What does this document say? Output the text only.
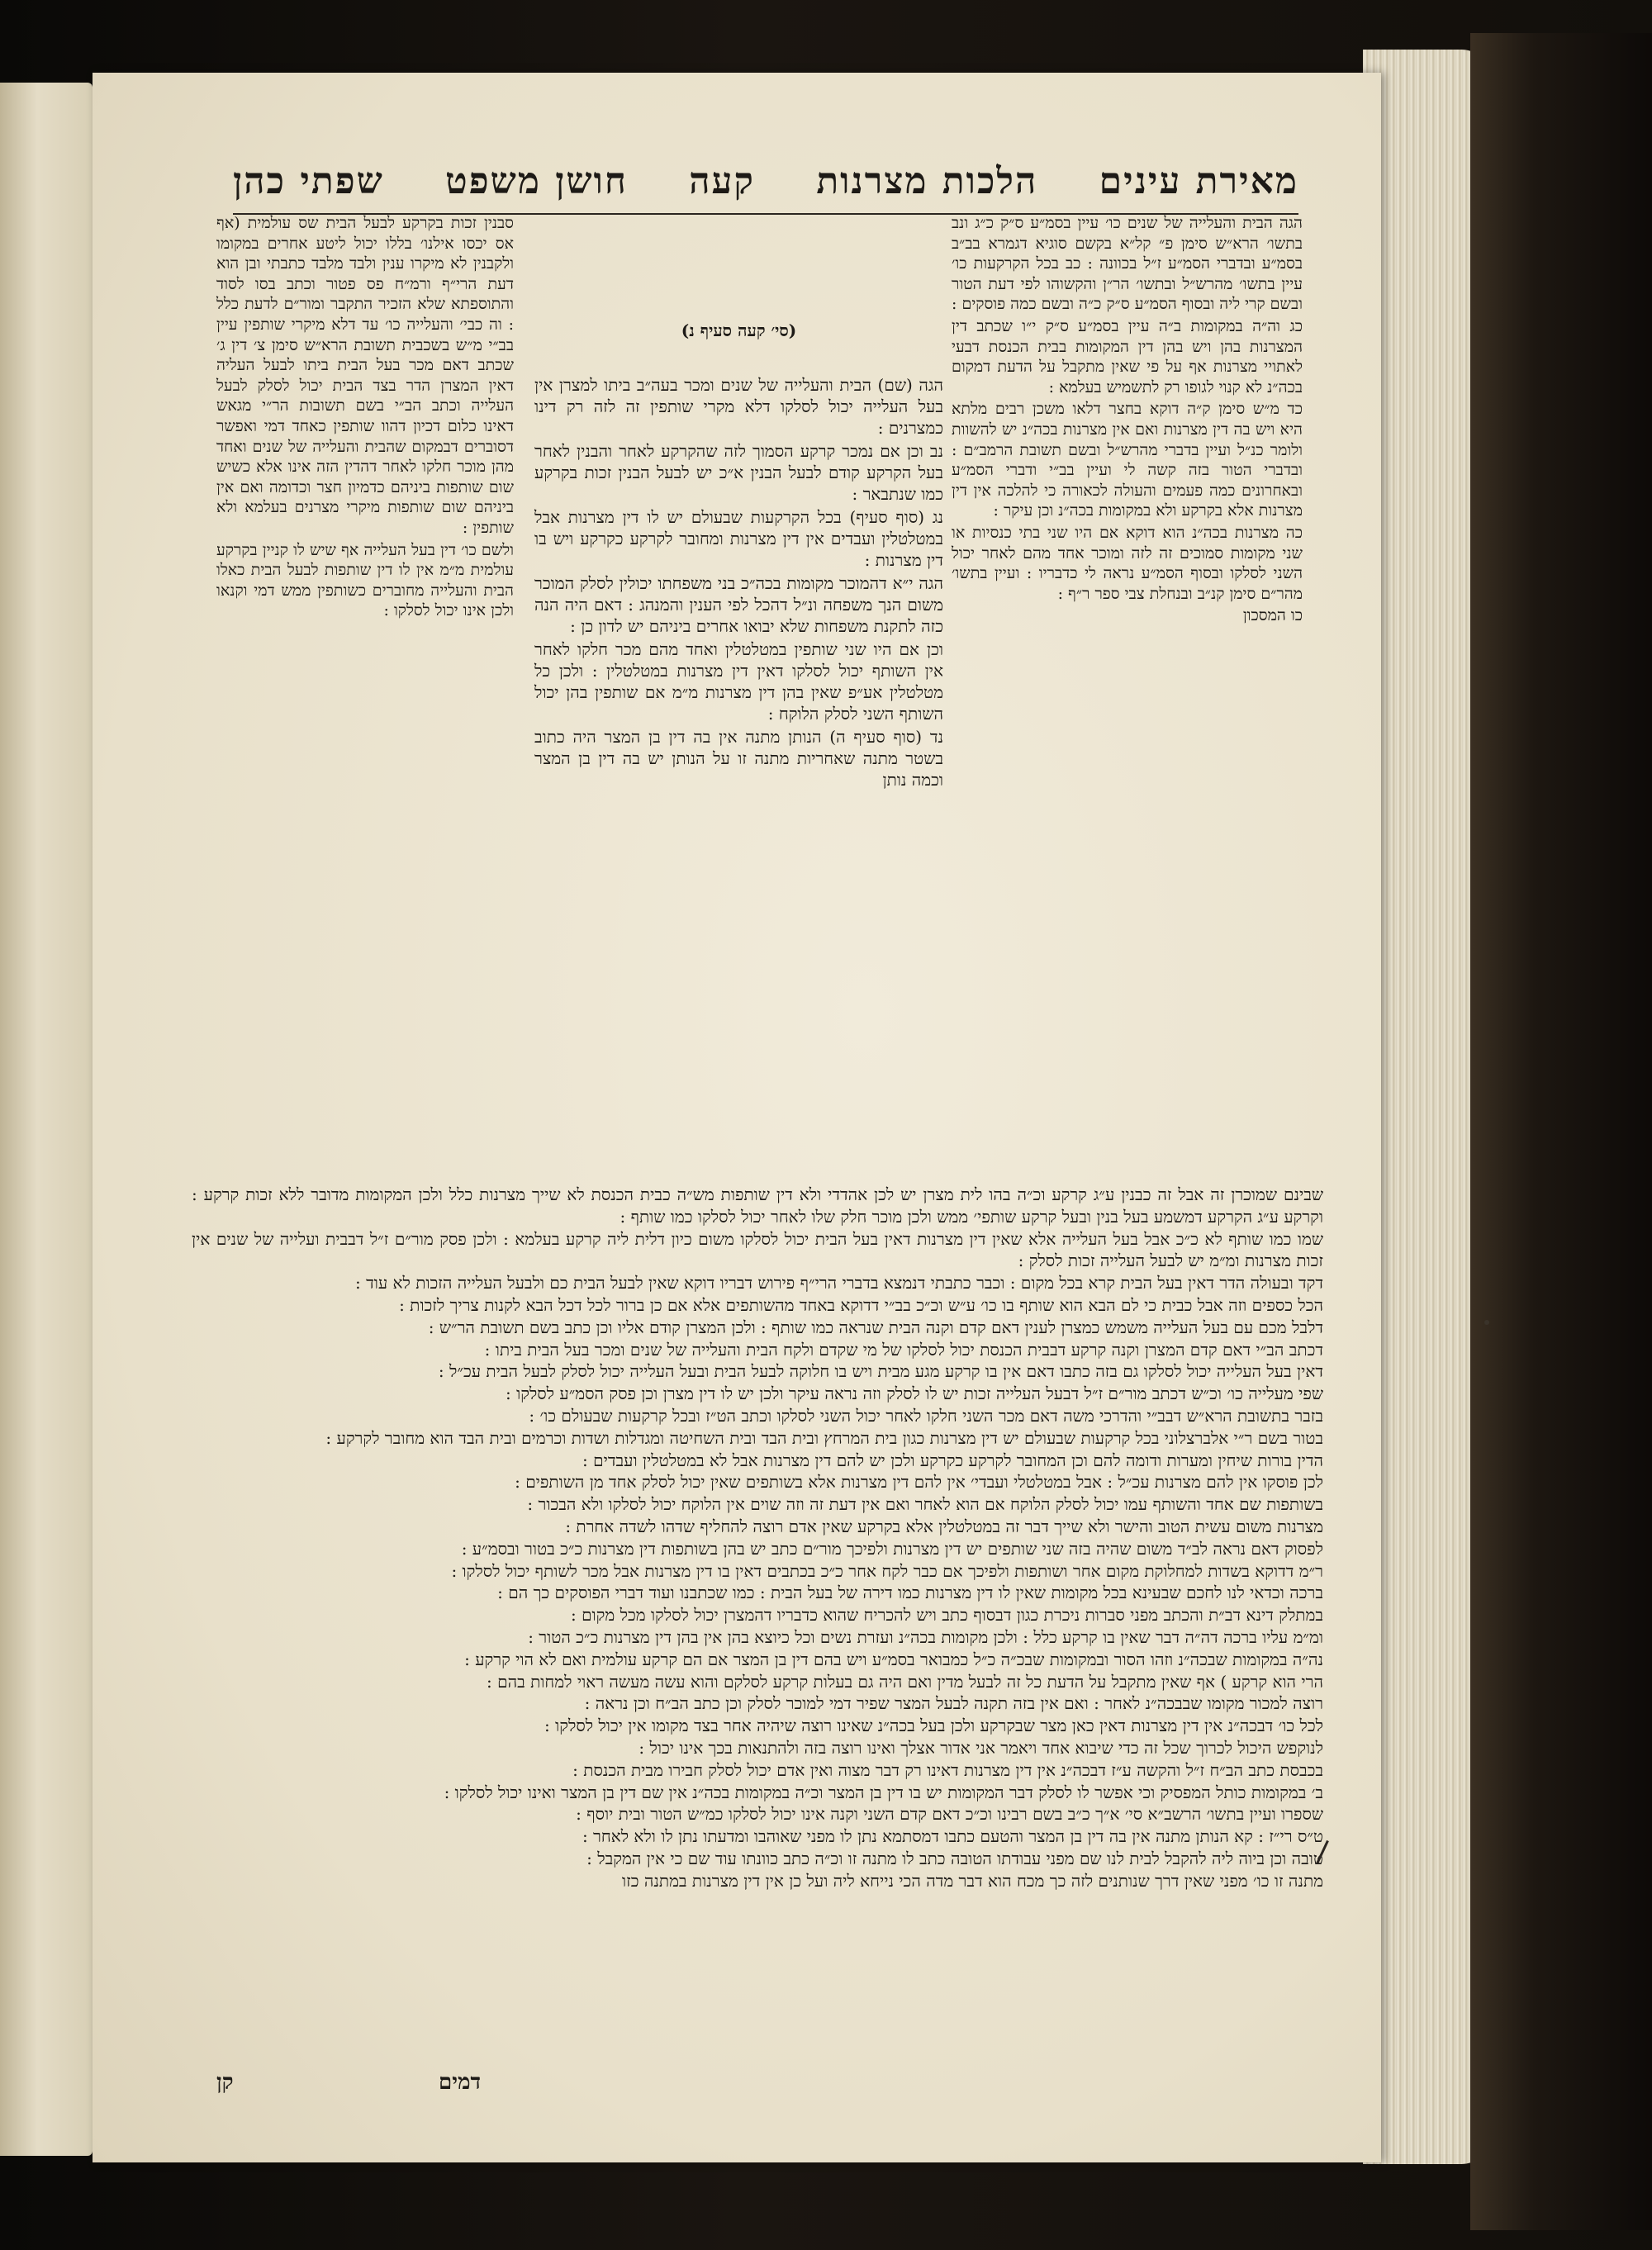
שפתי כהן חושן משפט קעה הלכות מצרנות מאירת עינים

הגה הבית והעלייה של שנים כו׳ עיין בסמ״ע ס״ק כ״ג ונב בתשו׳ הרא״ש סימן פ״ קל״א בקשם סוגיא דגמרא בב״ב בסמ״ע ובדברי הסמ״ע ז״ל בכוונה : כב בכל הקרקעות כו׳ עיין בתשו׳ מהרש״ל ובתשו׳ הר״ן והקשוהו לפי דעת הטור ובשם קרי ליה ובסוף הסמ״ע ס״ק כ״ה ובשם כמה פוסקים :

כג וה״ה במקומות ב״ה עיין בסמ״ע ס״ק י״ו שכתב דין המצרנות בהן ויש בהן דין המקומות בבית הכנסת דבעי לאתויי מצרנות אף על פי שאין מתקבל על הדעת דמקום בכה״נ לא קנוי לגופו רק לתשמיש בעלמא :

כד מ״ש סימן ק״ה דוקא בחצר דלאו משכן רבים מלתא היא ויש בה דין מצרנות ואם אין מצרנות בכה״נ יש להשוות ולומר כנ״ל ועיין בדברי מהרש״ל ובשם תשובת הרמב״ם : ובדברי הטור בזה קשה לי ועיין בב״י ודברי הסמ״ע ובאחרונים כמה פעמים והעולה לכאורה כי להלכה אין דין מצרנות אלא בקרקע ולא במקומות בכה״נ וכן עיקר :

כה מצרנות בכה״נ הוא דוקא אם היו שני בתי כנסיות או שני מקומות סמוכים זה לזה ומוכר אחד מהם לאחר יכול השני לסלקו ובסוף הסמ״ע נראה לי כדבריו : ועיין בתשו׳ מהר״ם סימן קנ״ב ובנחלת צבי ספר ר״ף :

כו המסכון

(סי׳ קעה סעיף נ)

הגה (שם) הבית והעלייה של שנים ומכר בעה״ב ביתו למצרן אין בעל העלייה יכול לסלקו דלא מקרי שותפין זה לזה רק דינו כמצרנים :

נב וכן אם נמכר קרקע הסמוך לזה שהקרקע לאחר והבנין לאחר בעל הקרקע קודם לבעל הבנין א״כ יש לבעל הבנין זכות בקרקע כמו שנתבאר :

נג (סוף סעיף) בכל הקרקעות שבעולם יש לו דין מצרנות אבל במטלטלין ועבדים אין דין מצרנות ומחובר לקרקע כקרקע ויש בו דין מצרנות :

הגה י״א דהמוכר מקומות בכה״כ בני משפחתו יכולין לסלק המוכר משום הנך משפחה ונ״ל דהכל לפי הענין והמנהג : דאם היה הנה כזה לתקנת משפחות שלא יבואו אחרים ביניהם יש לדון כן :

וכן אם היו שני שותפין במטלטלין ואחד מהם מכר חלקו לאחר אין השותף יכול לסלקו דאין דין מצרנות במטלטלין : ולכן כל מטלטלין אע״פ שאין בהן דין מצרנות מ״מ אם שותפין בהן יכול השותף השני לסלק הלוקח :

נד (סוף סעיף ה) הנותן מתנה אין בה דין בן המצר היה כתוב בשטר מתנה שאחריות מתנה זו על הנותן יש בה דין בן המצר וכמה נותן

סבנין זכות בקרקע לבעל הבית שס עולמית (אף אס יכסו אילנו׳ בללו יכול ליטע אחרים במקומו ולקבנין לא מיקרו ענין ולבד מלבד כתבתי ובן הוא דעת הרי״ף ורמ״ח פס פטור וכתב בסו לסוד והתוספתא שלא הזכיר התקבר ומור״ם לדעת כלל : וה כבי׳ והעלייה כו׳ עד דלא מיקרי שותפין עיין בב״י מ״ש בשכבית תשובת הרא״ש סימן צ׳ דין ג׳ שכתב דאם מכר בעל הבית ביתו לבעל העליה דאין המצרן הדר בצד הבית יכול לסלק לבעל העלייה וכתב הב״י בשם תשובות הר״י מגאש דאינו כלום דכיון דהוו שותפין כאחד דמי ואפשר דסוברים דבמקום שהבית והעלייה של שנים ואחד מהן מוכר חלקו לאחר דהדין הזה אינו אלא כשיש שום שותפות ביניהם כדמיון חצר וכדומה ואם אין ביניהם שום שותפות מיקרי מצרנים בעלמא ולא שותפין :

ולשם כו׳ דין בעל העלייה אף שיש לו קניין בקרקע עולמית מ״מ אין לו דין שותפות לבעל הבית כאלו הבית והעלייה מחוברים כשותפין ממש דמי וקנאו ולכן אינו יכול לסלקו :

שבינם שמוכרן זה אבל זה כבנין ע״ג קרקע וכ״ה בהו לית מצרן יש לכן אהדדי ולא דין שותפות מש״ה כבית הכנסת לא שייך מצרנות כלל ולכן המקומות מדובר ללא זכות קרקע : וקרקע ע״ג הקרקע דמשמע בעל בנין ובעל קרקע שותפי׳ ממש ולכן מוכר חלק שלו לאחר יכול לסלקו כמו שותף :
שמו כמו שותף לא כ״כ אבל בעל העלייה אלא שאין דין מצרנות דאין בעל הבית יכול לסלקו משום כיון דלית ליה קרקע בעלמא : ולכן פסק מור״ם ז״ל דבבית ועלייה של שנים אין זכות מצרנות ומ״מ יש לבעל העלייה זכות לסלק :
דקד ובעולה הדר דאין בעל הבית קרא בכל מקום : וכבר כתבתי דנמצא בדברי הרי״ף פירוש דבריו דוקא שאין לבעל הבית כם ולבעל העלייה הזכות לא עוד :
הכל כספים וזה אבל כבית כי לם הבא הוא שותף בו כו׳ ע״ש וכ״כ בב״י דדוקא באחד מהשותפים אלא אם כן ברור לכל דכל הבא לקנות צריך לזכות :
דלבל מכם עם בעל העלייה משמש כמצרן לענין דאם קדם וקנה הבית שנראה כמו שותף : ולכן המצרן קודם אליו וכן כתב בשם תשובת הר״ש :
דכתב הב״י דאם קדם המצרן וקנה קרקע דבבית הכנסת יכול לסלקו של מי שקדם ולקח הבית והעלייה של שנים ומכר בעל הבית ביתו :
דאין בעל העלייה יכול לסלקו גם בזה כתבו דאם אין בו קרקע מגע מבית ויש בו חלוקה לבעל הבית ובעל העלייה יכול לסלק לבעל הבית עכ״ל :
שפי מעלייה כו׳ וכ״ש דכתב מור״ם ז״ל דבעל העלייה זכות יש לו לסלק וזה נראה עיקר ולכן יש לו דין מצרן וכן פסק הסמ״ע לסלקו :
בזבר בתשובת הרא״ש דבב״י והדרכי משה דאם מכר השני חלקו לאחר יכול השני לסלקו וכתב הט״ז ובכל קרקעות שבעולם כו׳ :
בטור בשם ר״י אלברצלוני בכל קרקעות שבעולם יש דין מצרנות כגון בית המרחץ ובית הבד ובית השחיטה ומגדלות ושדות וכרמים ובית הבד הוא מחובר לקרקע :
הדין בורות שיחין ומערות ודומה להם וכן המחובר לקרקע כקרקע ולכן יש להם דין מצרנות אבל לא במטלטלין ועבדים :
לכן פוסקו אין להם מצרנות עכ״ל : אבל במטלטלי ועבדי׳ אין להם דין מצרנות אלא בשותפים שאין יכול לסלק אחד מן השותפים :
בשותפות שם אחד והשותף עמו יכול לסלק הלוקח אם הוא לאחר ואם אין דעת זה וזה שוים אין הלוקח יכול לסלקו ולא הבכור :
מצרנות משום עשית הטוב והישר ולא שייך דבר זה במטלטלין אלא בקרקע שאין אדם רוצה להחליף שדהו לשדה אחרת :
לפסוק דאם נראה לב״ד משום שהיה בזה שני שותפים יש דין מצרנות ולפיכך מור״ם כתב יש בהן בשותפות דין מצרנות כ״כ בטור ובסמ״ע :
ר״מ דדוקא בשדות למחלוקת מקום אחר ושותפות ולפיכך אם כבר לקח אחר כ״כ בכתבים דאין בו דין מצרנות אבל מכר לשותף יכול לסלקו :
ברכה וכדאי לנו לחכם שבעינא בכל מקומות שאין לו דין מצרנות כמו דירה של בעל הבית : כמו שכתבנו ועוד דברי הפוסקים כך הם :
במתלק דינא דב״ת והכתב מפני סברות ניכרת כגון דבסוף כתב ויש להכריח שהוא כדבריו דהמצרן יכול לסלקו מכל מקום :
ומ״מ עליו ברכה דה״ה דבר שאין בו קרקע כלל : ולכן מקומות בכה״נ ועזרת נשים וכל כיוצא בהן אין בהן דין מצרנות כ״כ הטור :
נה״ה במקומות שבכה״נ וזהו הסור ובמקומות שבכ״ה כ״ל כמבואר בסמ״ע ויש בהם דין בן המצר אם הם קרקע עולמית ואם לא הוי קרקע :
הרי הוא קרקע ) אף שאין מתקבל על הדעת כל זה לבעל מדין ואם היה גם בעלות קרקע לסלקם והוא עשה מעשה ראוי למחות בהם :
רוצה למכור מקומו שבבכה״נ לאחר : ואם אין בזה תקנה לבעל המצר שפיר דמי למוכר לסלק וכן כתב הב״ח וכן נראה :
לכל כו׳ דבכה״נ אין דין מצרנות דאין כאן מצר שבקרקע ולכן בעל בכה״נ שאינו רוצה שיהיה אחר בצד מקומו אין יכול לסלקו :
לנוקפש היכול לכרוך שכל זה כדי שיבוא אחד ויאמר אני אדור אצלך ואינו רוצה בזה ולהתנאות בכך אינו יכול :
בכבסת כתב הב״ח ז״ל והקשה ע״ז דבכה״נ אין דין מצרנות דאינו רק דבר מצוה ואין אדם יכול לסלק חבירו מבית הכנסת :
ב׳ במקומות כותל המפסיק וכי אפשר לו לסלק דבר המקומות יש בו דין בן המצר וכ״ה במקומות בכה״נ אין שם דין בן המצר ואינו יכול לסלקו :
שספרו ועיין בתשו׳ הרשב״א סי׳ א״ך כ״ב בשם רבינו וכ״כ דאם קדם השני וקנה אינו יכול לסלקו כמ״ש הטור ובית יוסף :
ט״ס רי״ז : קא הנותן מתנה אין בה דין בן המצר והטעם כתבו דמסתמא נתן לו מפני שאוהבו ומדעתו נתן לו ולא לאחר :
טובה וכן ביוה ליה להקבל לבית לנו שם מפני עבודתו הטובה כתב לו מתנה זו וכ״ה כתב כוונתו עוד שם כי אין המקבל :
מתנה זו כו׳ מפני שאין דרך שנותנים לזה כך מכח הוא דבר מדה הכי נייחא ליה ועל כן אין דין מצרנות במתנה כזו
דמים
קן
